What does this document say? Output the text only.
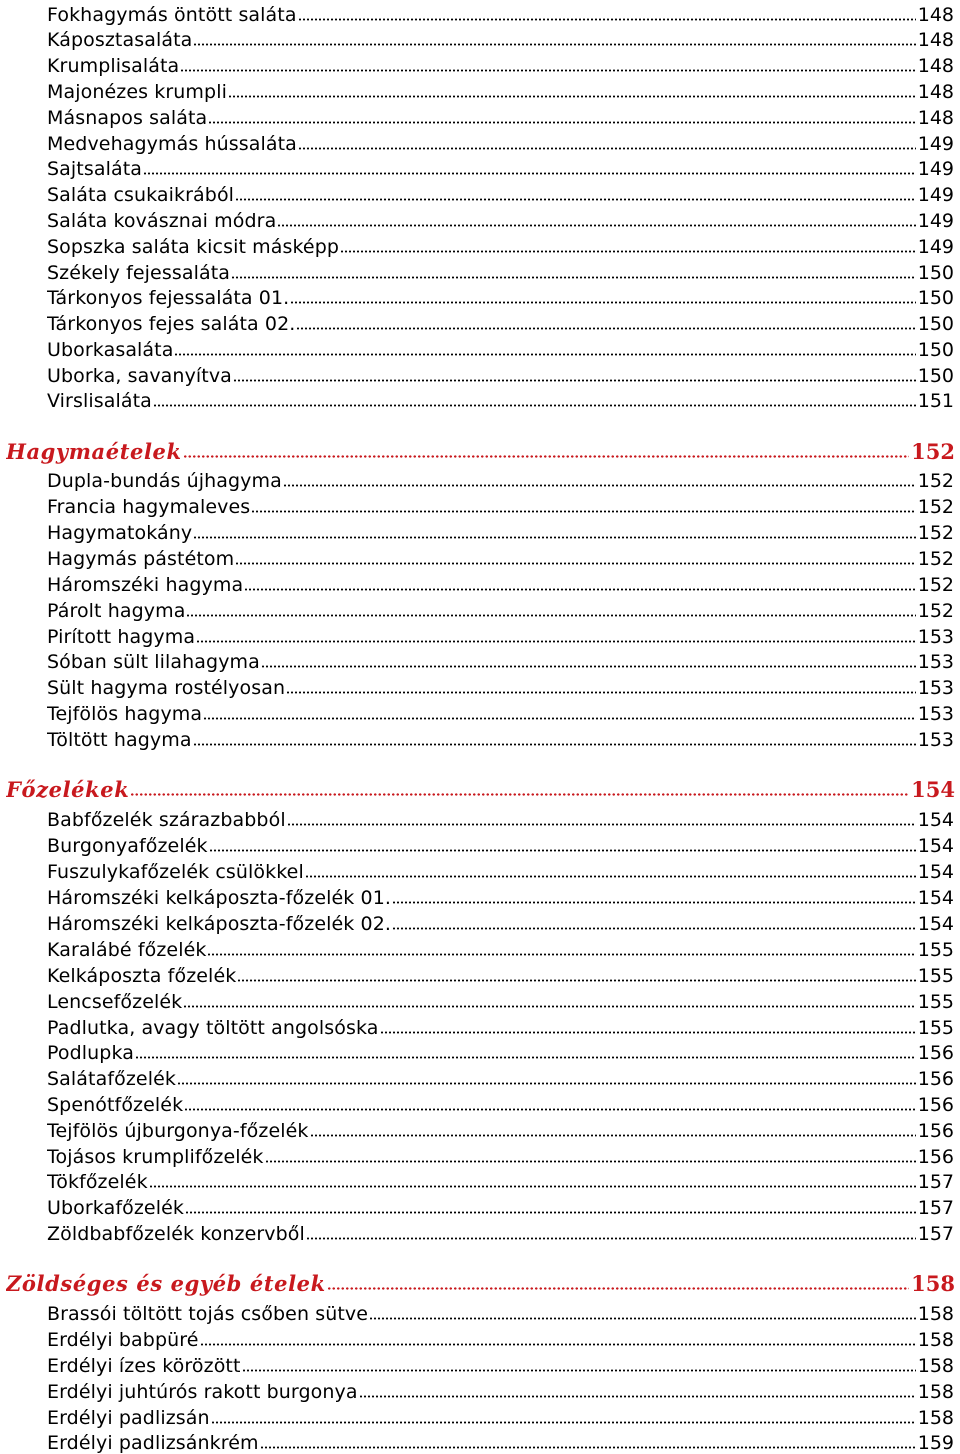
Fokhagymás öntött saláta	148
Káposztasaláta	148
Krumplisaláta	148
Majonézes krumpli	148
Másnapos saláta	148
Medvehagymás hússaláta	149
Sajtsaláta	149
Saláta csukaikrából	149
Saláta kovásznai módra	149
Sopszka saláta kicsit másképp	149
Székely fejessaláta	150
Tárkonyos fejessaláta 01.	150
Tárkonyos fejes saláta 02.	150
Uborkasaláta	150
Uborka, savanyítva	150
Virslisaláta	151
Hagymaételek	152
Dupla-bundás újhagyma	152
Francia hagymaleves	152
Hagymatokány	152
Hagymás pástétom	152
Háromszéki hagyma	152
Párolt hagyma	152
Pirított hagyma	153
Sóban sült lilahagyma	153
Sült hagyma rostélyosan	153
Tejfölös hagyma	153
Töltött hagyma	153
Főzelékek	154
Babfőzelék szárazbabból	154
Burgonyafőzelék	154
Fuszulykafőzelék csülökkel	154
Háromszéki kelkáposzta-főzelék 01.	154
Háromszéki kelkáposzta-főzelék 02.	154
Karalábé főzelék	155
Kelkáposzta főzelék	155
Lencsefőzelék	155
Padlutka, avagy töltött angolsóska	155
Podlupka	156
Salátafőzelék	156
Spenótfőzelék	156
Tejfölös újburgonya-főzelék	156
Tojásos krumplifőzelék	156
Tökfőzelék	157
Uborkafőzelék	157
Zöldbabfőzelék konzervből	157
Zöldséges és egyéb ételek	158
Brassói töltött tojás csőben sütve	158
Erdélyi babpüré	158
Erdélyi ízes körözött	158
Erdélyi juhtúrós rakott burgonya	158
Erdélyi padlizsán	158
Erdélyi padlizsánkrém	159
